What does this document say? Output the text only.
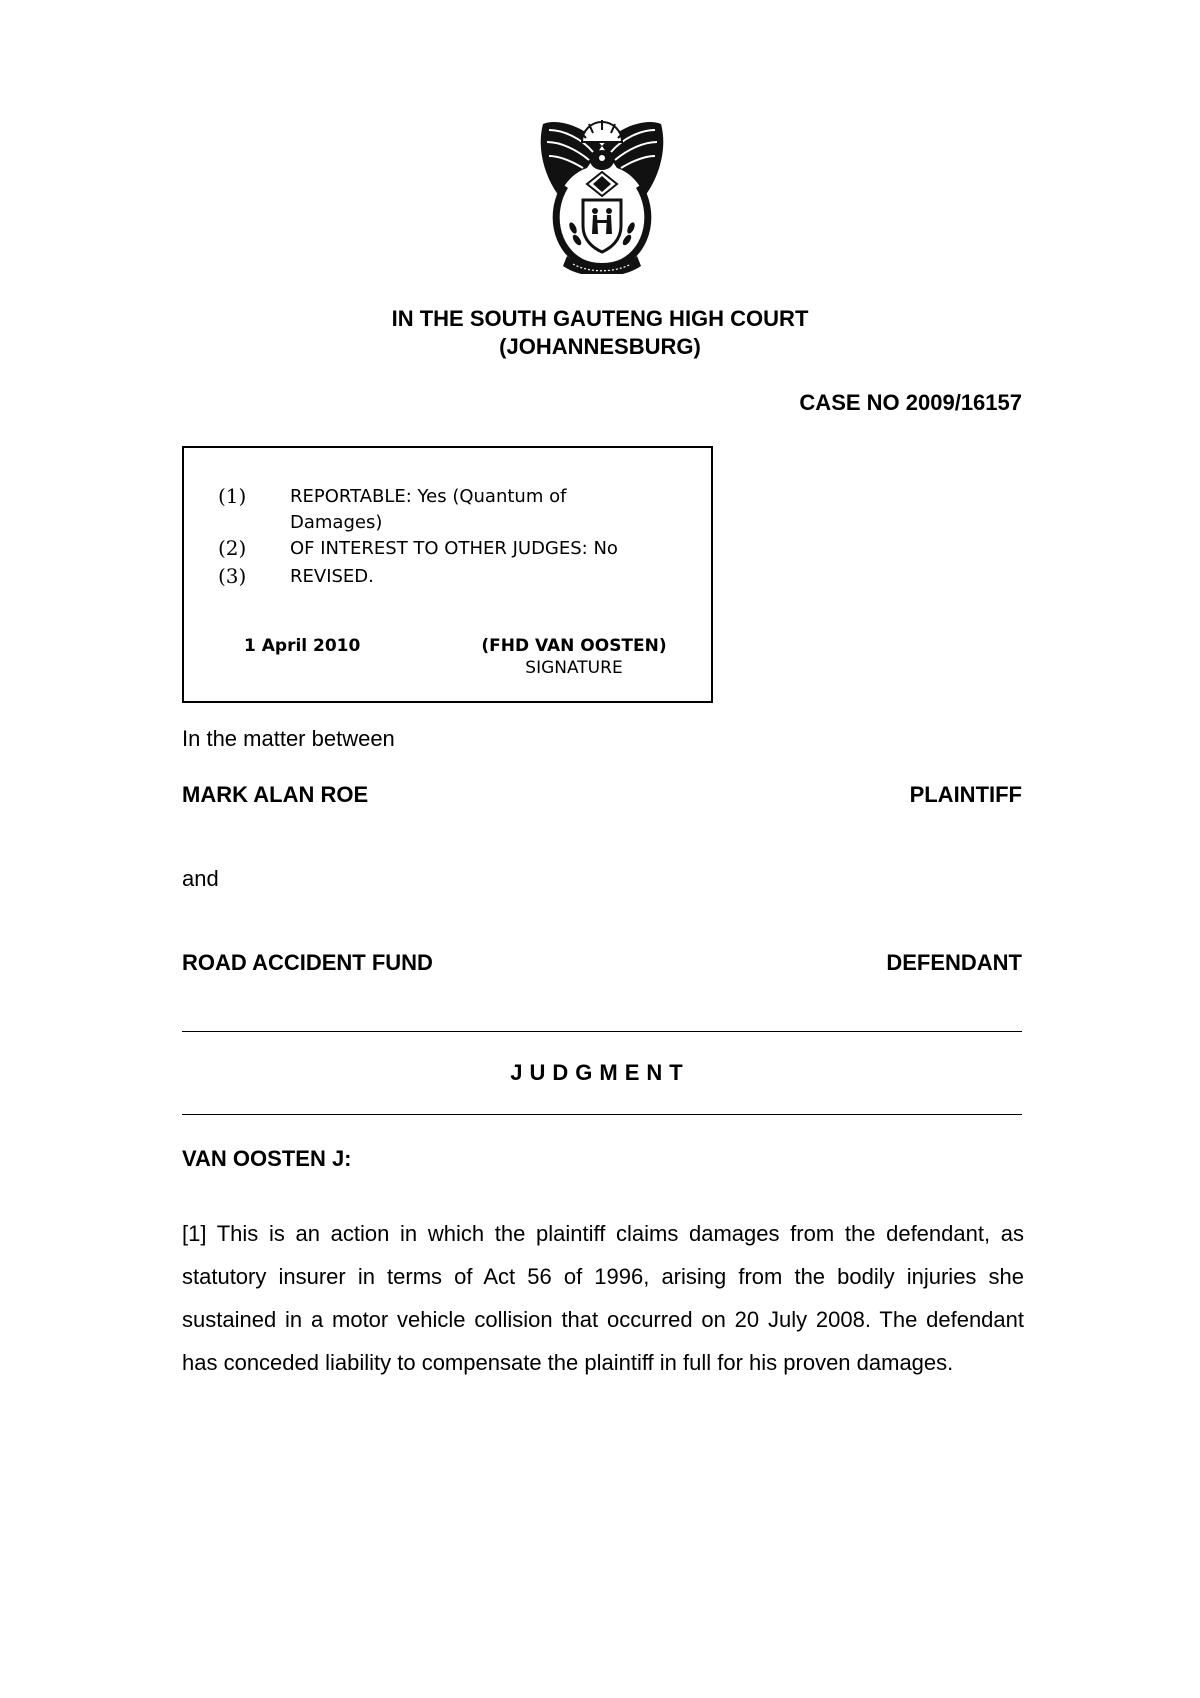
IN THE SOUTH GAUTENG HIGH COURT
(JOHANNESBURG)
CASE NO 2009/16157
(1) REPORTABLE: Yes (Quantum of Damages)
(2) OF INTEREST TO OTHER JUDGES: No
(3) REVISED.
1 April 2010	(FHD VAN OOSTEN)
SIGNATURE
In the matter between
MARK ALAN ROE	PLAINTIFF
and
ROAD ACCIDENT FUND	DEFENDANT
JUDGMENT
VAN OOSTEN J:
[1] This is an action in which the plaintiff claims damages from the defendant, as statutory insurer in terms of Act 56 of 1996, arising from the bodily injuries she sustained in a motor vehicle collision that occurred on 20 July 2008. The defendant has conceded liability to compensate the plaintiff in full for his proven damages.
